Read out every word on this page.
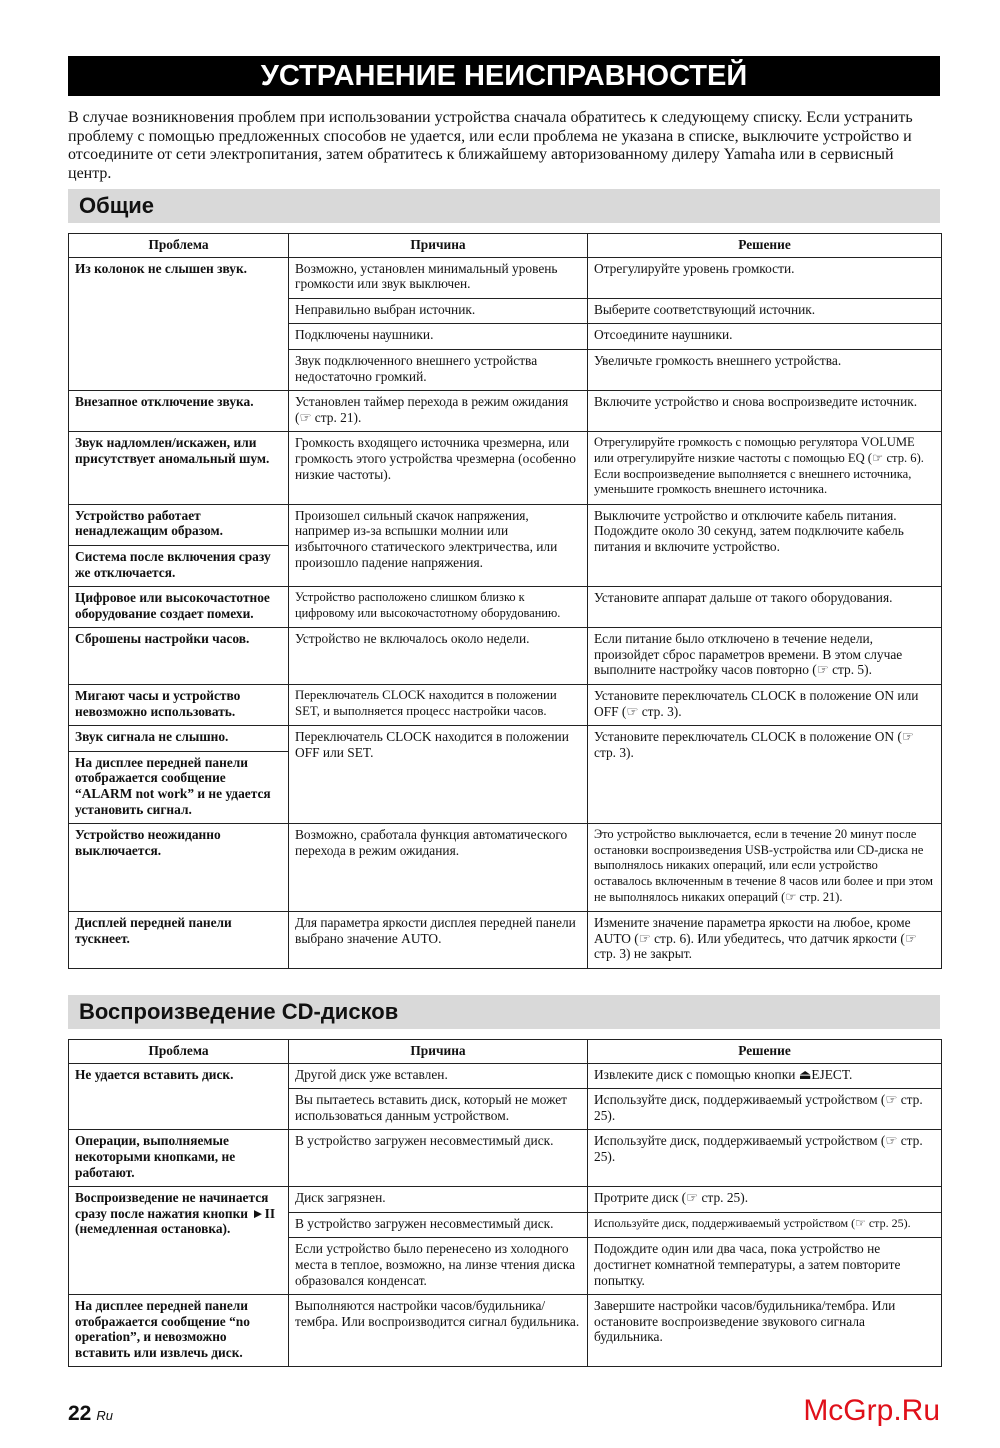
УСТРАНЕНИЕ НЕИСПРАВНОСТЕЙ
В случае возникновения проблем при использовании устройства сначала обратитесь к следующему списку. Если устранить проблему с помощью предложенных способов не удается, или если проблема не указана в списке, выключите устройство и отсоедините от сети электропитания, затем обратитесь к ближайшему авторизованному дилеру Yamaha или в сервисный центр.
Общие
Проблема	Причина	Решение
Из колонок не слышен звук.	Возможно, установлен минимальный уровень громкости или звук выключен.	Отрегулируйте уровень громкости.
	Неправильно выбран источник.	Выберите соответствующий источник.
	Подключены наушники.	Отсоедините наушники.
	Звук подключенного внешнего устройства недостаточно громкий.	Увеличьте громкость внешнего устройства.
Внезапное отключение звука.	Установлен таймер перехода в режим ожидания (☞ стр. 21).	Включите устройство и снова воспроизведите источник.
Звук надломлен/искажен, или присутствует аномальный шум.	Громкость входящего источника чрезмерна, или громкость этого устройства чрезмерна (особенно низкие частоты).	Отрегулируйте громкость с помощью регулятора VOLUME или отрегулируйте низкие частоты с помощью EQ (☞ стр. 6). Если воспроизведение выполняется с внешнего источника, уменьшите громкость внешнего источника.
Устройство работает ненадлежащим образом.	Произошел сильный скачок напряжения, например из-за вспышки молнии или избыточного статического электричества, или произошло падение напряжения.	Выключите устройство и отключите кабель питания. Подождите около 30 секунд, затем подключите кабель питания и включите устройство.
Система после включения сразу же отключается.		
Цифровое или высокочастотное оборудование создает помехи.	Устройство расположено слишком близко к цифровому или высокочастотному оборудованию.	Установите аппарат дальше от такого оборудования.
Сброшены настройки часов.	Устройство не включалось около недели.	Если питание было отключено в течение недели, произойдет сброс параметров времени. В этом случае выполните настройку часов повторно (☞ стр. 5).
Мигают часы и устройство невозможно использовать.	Переключатель CLOCK находится в положении SET, и выполняется процесс настройки часов.	Установите переключатель CLOCK в положение ON или OFF (☞ стр. 3).
Звук сигнала не слышно.	Переключатель CLOCK находится в положении OFF или SET.	Установите переключатель CLOCK в положение ON (☞ стр. 3).
На дисплее передней панели отображается сообщение “ALARM not work” и не удается установить сигнал.		
Устройство неожиданно выключается.	Возможно, сработала функция автоматического перехода в режим ожидания.	Это устройство выключается, если в течение 20 минут после остановки воспроизведения USB-устройства или CD-диска не выполнялось никаких операций, или если устройство оставалось включенным в течение 8 часов или более и при этом не выполнялось никаких операций (☞ стр. 21).
Дисплей передней панели тускнеет.	Для параметра яркости дисплея передней панели выбрано значение AUTO.	Измените значение параметра яркости на любое, кроме AUTO (☞ стр. 6). Или убедитесь, что датчик яркости (☞ стр. 3) не закрыт.
Воспроизведение CD-дисков
Проблема	Причина	Решение
Не удается вставить диск.	Другой диск уже вставлен.	Извлеките диск с помощью кнопки ⏏EJECT.
	Вы пытаетесь вставить диск, который не может использоваться данным устройством.	Используйте диск, поддерживаемый устройством (☞ стр. 25).
Операции, выполняемые некоторыми кнопками, не работают.	В устройство загружен несовместимый диск.	Используйте диск, поддерживаемый устройством (☞ стр. 25).
Воспроизведение не начинается сразу после нажатия кнопки ►II (немедленная остановка).	Диск загрязнен.	Протрите диск (☞ стр. 25).
	В устройство загружен несовместимый диск.	Используйте диск, поддерживаемый устройством (☞ стр. 25).
	Если устройство было перенесено из холодного места в теплое, возможно, на линзе чтения диска образовался конденсат.	Подождите один или два часа, пока устройство не достигнет комнатной температуры, а затем повторите попытку.
На дисплее передней панели отображается сообщение “no operation”, и невозможно вставить или извлечь диск.	Выполняются настройки часов/будильника/тембра. Или воспроизводится сигнал будильника.	Завершите настройки часов/будильника/тембра. Или остановите воспроизведение звукового сигнала будильника.
22 Ru	McGrp.Ru
